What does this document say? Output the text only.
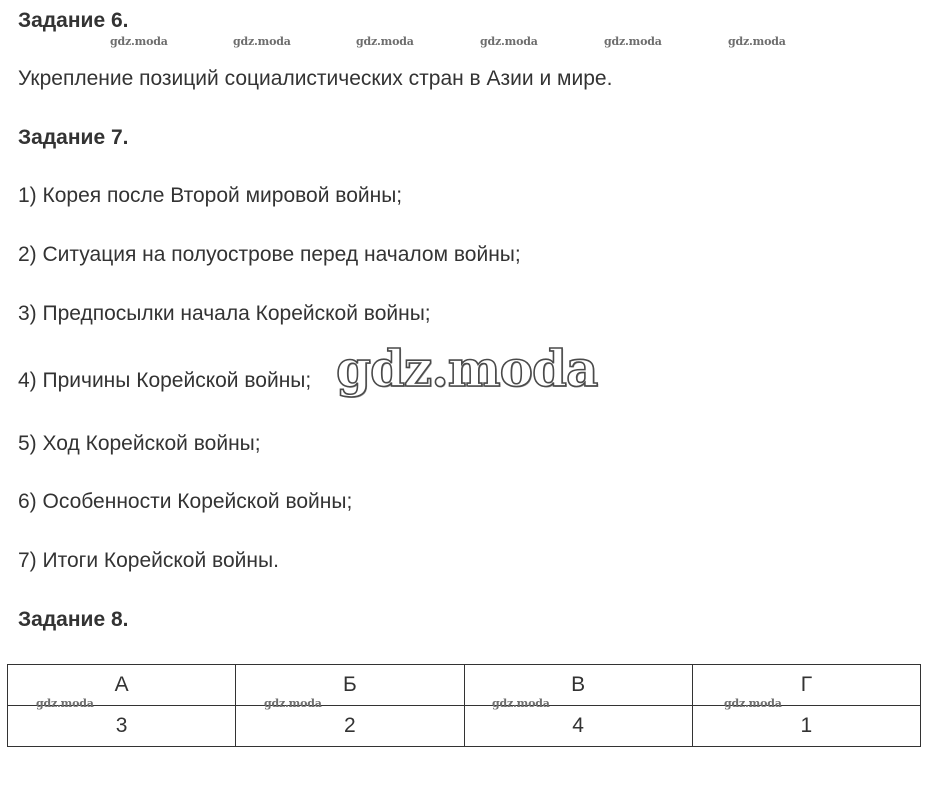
Задание 6.
gdz.moda	gdz.moda	gdz.moda	gdz.moda	gdz.moda	gdz.moda
Укрепление позиций социалистических стран в Азии и мире.
Задание 7.
1) Корея после Второй мировой войны;
2) Ситуация на полуострове перед началом войны;
3) Предпосылки начала Корейской войны;
4) Причины Корейской войны;
5) Ход Корейской войны;
6) Особенности Корейской войны;
7) Итоги Корейской войны.
gdz.moda
Задание 8.
А	Б	В	Г
3	2	4	1
gdz.moda	gdz.moda	gdz.moda	gdz.moda
